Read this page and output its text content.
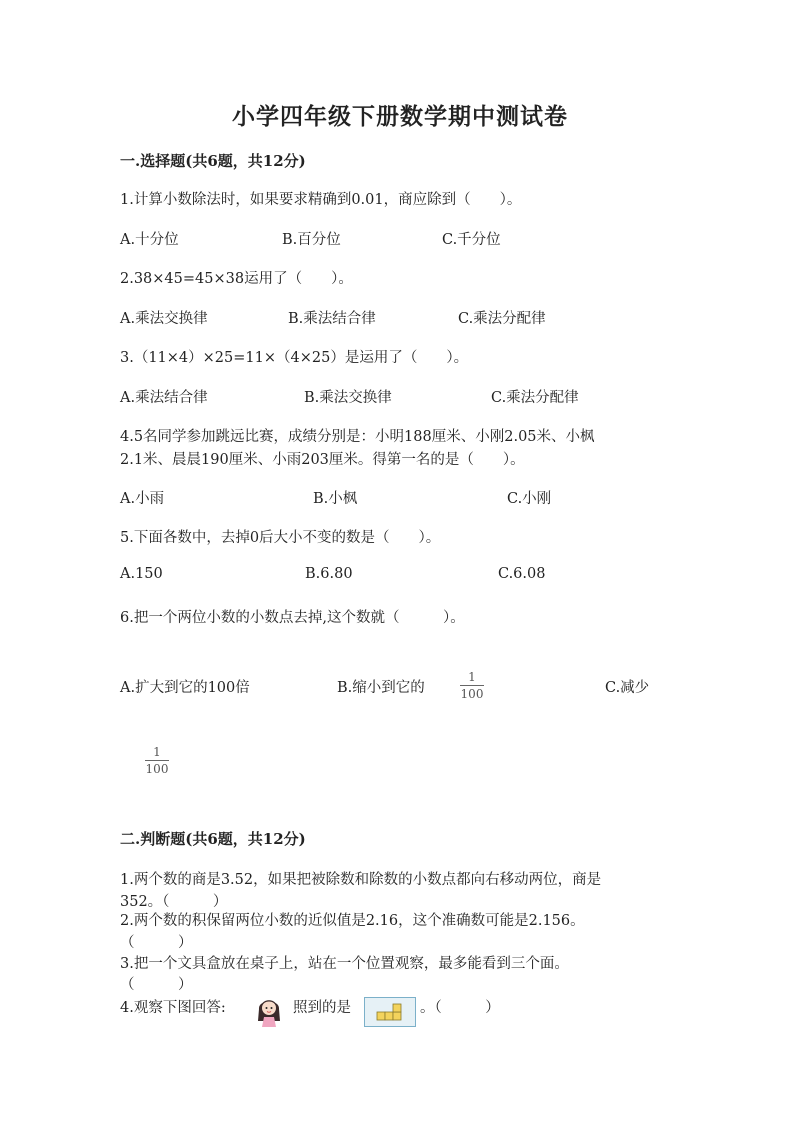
小学四年级下册数学期中测试卷
一.选择题(共6题，共12分)
1.计算小数除法时，如果要求精确到0.01，商应除到（　　）。
A.十分位	B.百分位	C.千分位
2.38×45=45×38运用了（　　）。
A.乘法交换律	B.乘法结合律	C.乘法分配律
3.（11×4）×25=11×（4×25）是运用了（　　）。
A.乘法结合律	B.乘法交换律	C.乘法分配律
4.5名同学参加跳远比赛，成绩分别是：小明188厘米、小刚2.05米、小枫
2.1米、晨晨190厘米、小雨203厘米。得第一名的是（　　）。
A.小雨	B.小枫	C.小刚
5.下面各数中，去掉0后大小不变的数是（　　）。
A.150	B.6.80	C.6.08
6.把一个两位小数的小数点去掉,这个数就（　　　）。
A.扩大到它的100倍	B.缩小到它的
1
100	C.减少
1
100
二.判断题(共6题，共12分)
1.两个数的商是3.52，如果把被除数和除数的小数点都向右移动两位，商是
352。（　　　）
2.两个数的积保留两位小数的近似值是2.16，这个准确数可能是2.156。
（　　　）
3.把一个文具盒放在桌子上，站在一个位置观察，最多能看到三个面。
（　　　）
4.观察下图回答:	照到的是	。（　　　）
